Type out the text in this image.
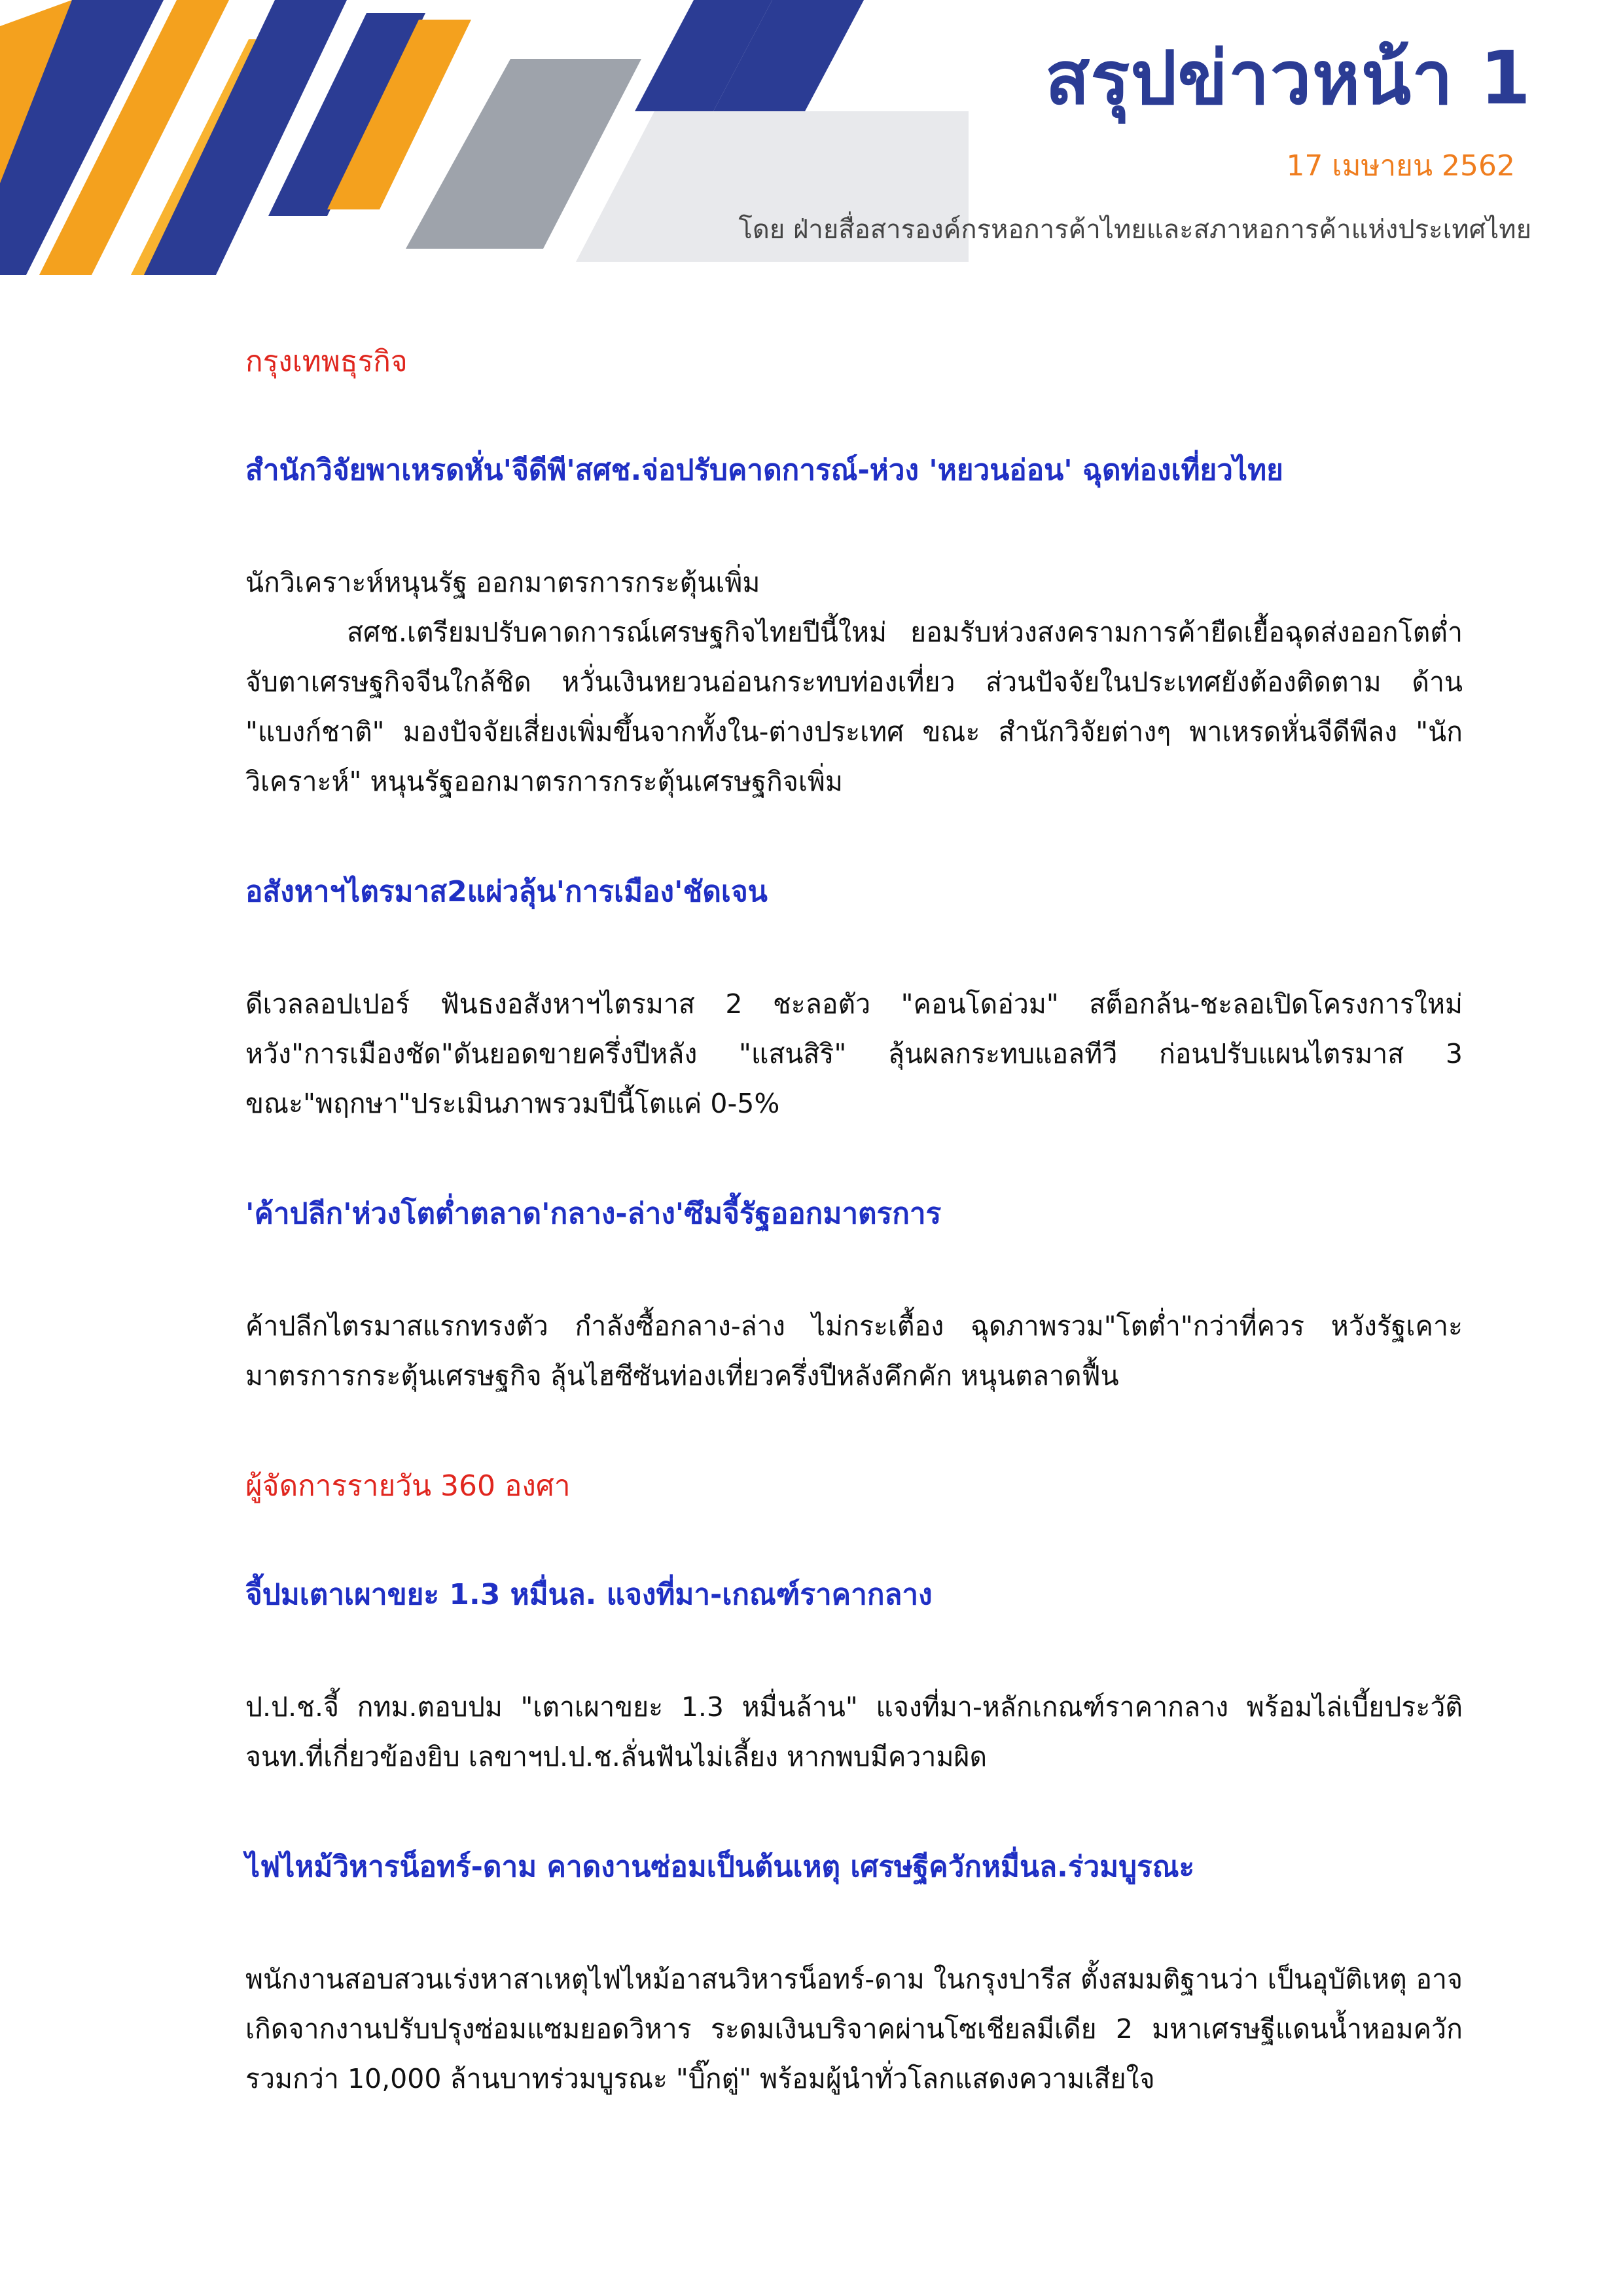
สรุปข่าวหน้า 1
17 เมษายน 2562
โดย ฝ่ายสื่อสารองค์กรหอการค้าไทยและสภาหอการค้าแห่งประเทศไทย
กรุงเทพธุรกิจ
สำนักวิจัยพาเหรดหั่น'จีดีพี'สศช.จ่อปรับคาดการณ์-ห่วง 'หยวนอ่อน' ฉุดท่องเที่ยวไทย
นักวิเคราะห์หนุนรัฐ ออกมาตรการกระตุ้นเพิ่ม
สศช.เตรียมปรับคาดการณ์เศรษฐกิจไทยปีนี้ใหม่ ยอมรับห่วงสงครามการค้ายืดเยื้อฉุดส่งออกโตต่ำ จับตาเศรษฐกิจจีนใกล้ชิด หวั่นเงินหยวนอ่อนกระทบท่องเที่ยว ส่วนปัจจัยในประเทศยังต้องติดตาม ด้าน "แบงก์ชาติ" มองปัจจัยเสี่ยงเพิ่มขึ้นจากทั้งใน-ต่างประเทศ ขณะ สำนักวิจัยต่างๆ พาเหรดหั่นจีดีพีลง "นักวิเคราะห์" หนุนรัฐออกมาตรการกระตุ้นเศรษฐกิจเพิ่ม
อสังหาฯไตรมาส2แผ่วลุ้น'การเมือง'ชัดเจน
ดีเวลลอปเปอร์ ฟันธงอสังหาฯไตรมาส 2 ชะลอตัว "คอนโดอ่วม" สต็อกล้น-ชะลอเปิดโครงการใหม่ หวัง"การเมืองชัด"ดันยอดขายครึ่งปีหลัง "แสนสิริ" ลุ้นผลกระทบแอลทีวี ก่อนปรับแผนไตรมาส 3 ขณะ"พฤกษา"ประเมินภาพรวมปีนี้โตแค่ 0-5%
'ค้าปลีก'ห่วงโตต่ำตลาด'กลาง-ล่าง'ซึมจี้รัฐออกมาตรการ
ค้าปลีกไตรมาสแรกทรงตัว กำลังซื้อกลาง-ล่าง ไม่กระเตื้อง ฉุดภาพรวม"โตต่ำ"กว่าที่ควร หวังรัฐเคาะมาตรการกระตุ้นเศรษฐกิจ ลุ้นไฮซีซันท่องเที่ยวครึ่งปีหลังคึกคัก หนุนตลาดฟื้น
ผู้จัดการรายวัน 360 องศา
จี้ปมเตาเผาขยะ 1.3 หมื่นล. แจงที่มา-เกณฑ์ราคากลาง
ป.ป.ช.จี้ กทม.ตอบปม "เตาเผาขยะ 1.3 หมื่นล้าน" แจงที่มา-หลักเกณฑ์ราคากลาง พร้อมไล่เบี้ยประวัติ จนท.ที่เกี่ยวข้องยิบ เลขาฯป.ป.ช.ลั่นฟันไม่เลี้ยง หากพบมีความผิด
ไฟไหม้วิหารน็อทร์-ดาม คาดงานซ่อมเป็นต้นเหตุ เศรษฐีควักหมื่นล.ร่วมบูรณะ
พนักงานสอบสวนเร่งหาสาเหตุไฟไหม้อาสนวิหารน็อทร์-ดาม ในกรุงปารีส ตั้งสมมติฐานว่า เป็นอุบัติเหตุ อาจเกิดจากงานปรับปรุงซ่อมแซมยอดวิหาร ระดมเงินบริจาคผ่านโซเชียลมีเดีย 2 มหาเศรษฐีแดนน้ำหอมควักรวมกว่า 10,000 ล้านบาทร่วมบูรณะ "บิ๊กตู่" พร้อมผู้นำทั่วโลกแสดงความเสียใจ
